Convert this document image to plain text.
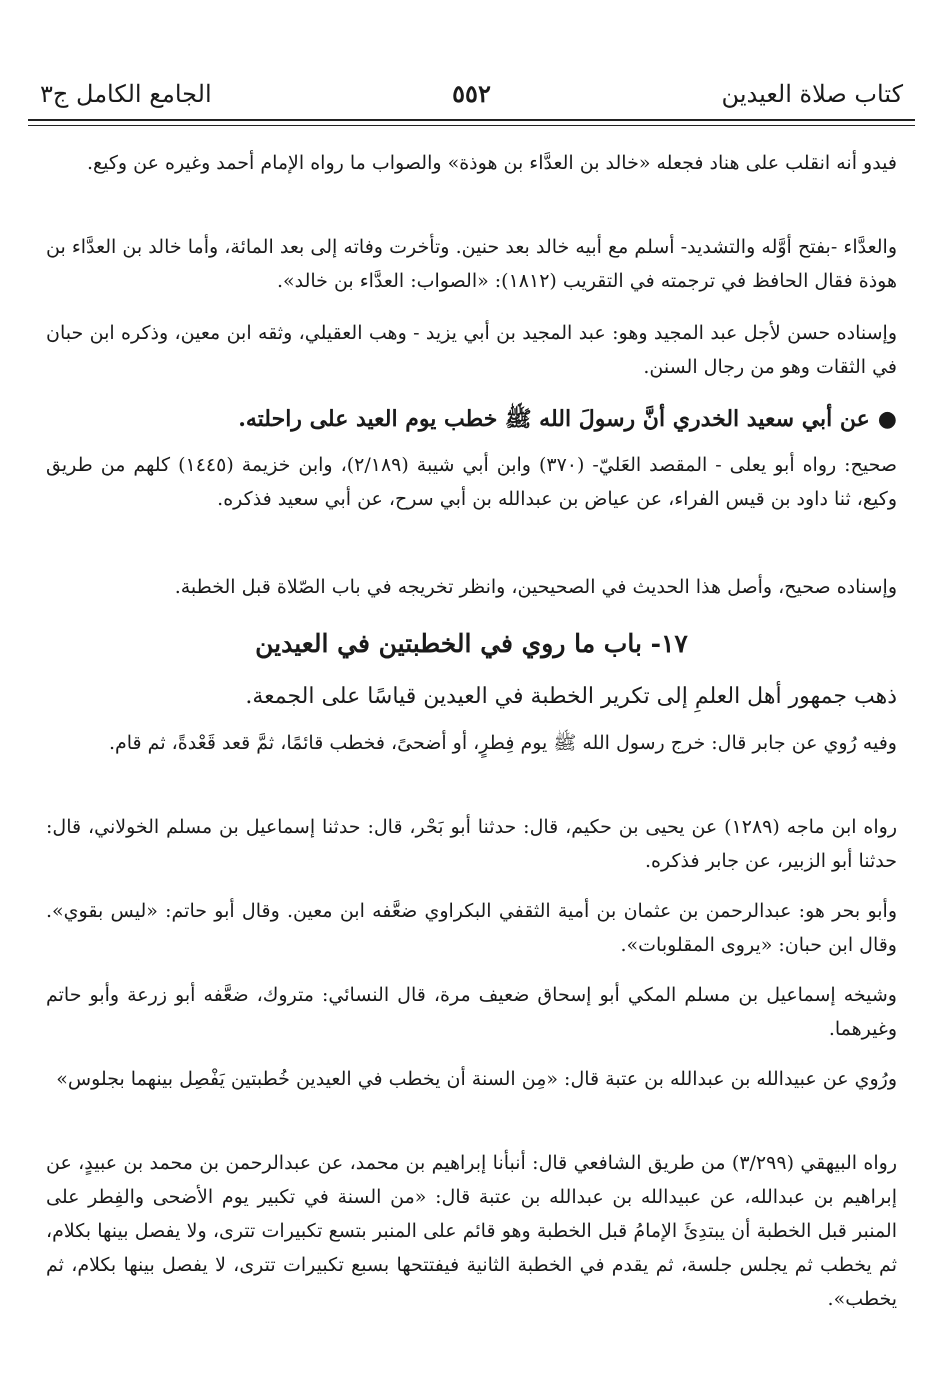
كتاب صلاة العيدين
٥٥٢
الجامع الكامل ج٣

فيدو أنه انقلب على هناد فجعله «خالد بن العدَّاء بن هوذة» والصواب ما رواه الإمام أحمد وغيره عن وكيع.

والعدَّاء -بفتح أوَّله والتشديد- أسلم مع أبيه خالد بعد حنين. وتأخرت وفاته إلى بعد المائة، وأما خالد بن العدَّاء بن هوذة فقال الحافظ في ترجمته في التقريب (١٨١٢): «الصواب: العدَّاء بن خالد».

وإسناده حسن لأجل عبد المجيد وهو: عبد المجيد بن أبي يزيد - وهب العقيلي، وثقه ابن معين، وذكره ابن حبان في الثقات وهو من رجال السنن.

●عن أبي سعيد الخدري أنَّ رسولَ الله ﷺ خطب يوم العيد على راحلته.

صحيح: رواه أبو يعلى - المقصد العَليّ- (٣٧٠) وابن أبي شيبة (٢/١٨٩)، وابن خزيمة (١٤٤٥) كلهم من طريق وكيع، ثنا داود بن قيس الفراء، عن عياض بن عبدالله بن أبي سرح، عن أبي سعيد فذكره.

وإسناده صحيح، وأصل هذا الحديث في الصحيحين، وانظر تخريجه في باب الصّلاة قبل الخطبة.

١٧- باب ما روي في الخطبتين في العيدين

ذهب جمهور أهل العلمِ إلى تكرير الخطبة في العيدين قياسًا على الجمعة.

وفيه رُوي عن جابر قال: خرج رسول الله ﷺ يوم فِطرٍ، أو أضحىً، فخطب قائمًا، ثمَّ قعد قَعْدةً، ثم قام.

رواه ابن ماجه (١٢٨٩) عن يحيى بن حكيم، قال: حدثنا أبو بَحْر، قال: حدثنا إسماعيل بن مسلم الخولاني، قال: حدثنا أبو الزبير، عن جابر فذكره.

وأبو بحر هو: عبدالرحمن بن عثمان بن أمية الثقفي البكراوي ضعَّفه ابن معين. وقال أبو حاتم: «ليس بقوي». وقال ابن حبان: «يروى المقلوبات».

وشيخه إسماعيل بن مسلم المكي أبو إسحاق ضعيف مرة، قال النسائي: متروك، ضعَّفه أبو زرعة وأبو حاتم وغيرهما.

ورُوي عن عبيدالله بن عبدالله بن عتبة قال: «مِن السنة أن يخطب في العيدين خُطبتين يَفْصِل بينهما بجلوس»

رواه البيهقي (٣/٢٩٩) من طريق الشافعي قال: أنبأنا إبراهيم بن محمد، عن عبدالرحمن بن محمد بن عبيدٍ، عن إبراهيم بن عبدالله، عن عبيدالله بن عبدالله بن عتبة قال: «من السنة في تكبير يوم الأضحى والفِطر على المنبر قبل الخطبة أن يبتدِئَ الإمامُ قبل الخطبة وهو قائم على المنبر بتسع تكبيرات تترى، ولا يفصل بينها بكلام، ثم يخطب ثم يجلس جلسة، ثم يقدم في الخطبة الثانية فيفتتحها بسبع تكبيرات تترى، لا يفصل بينها بكلام، ثم يخطب».
